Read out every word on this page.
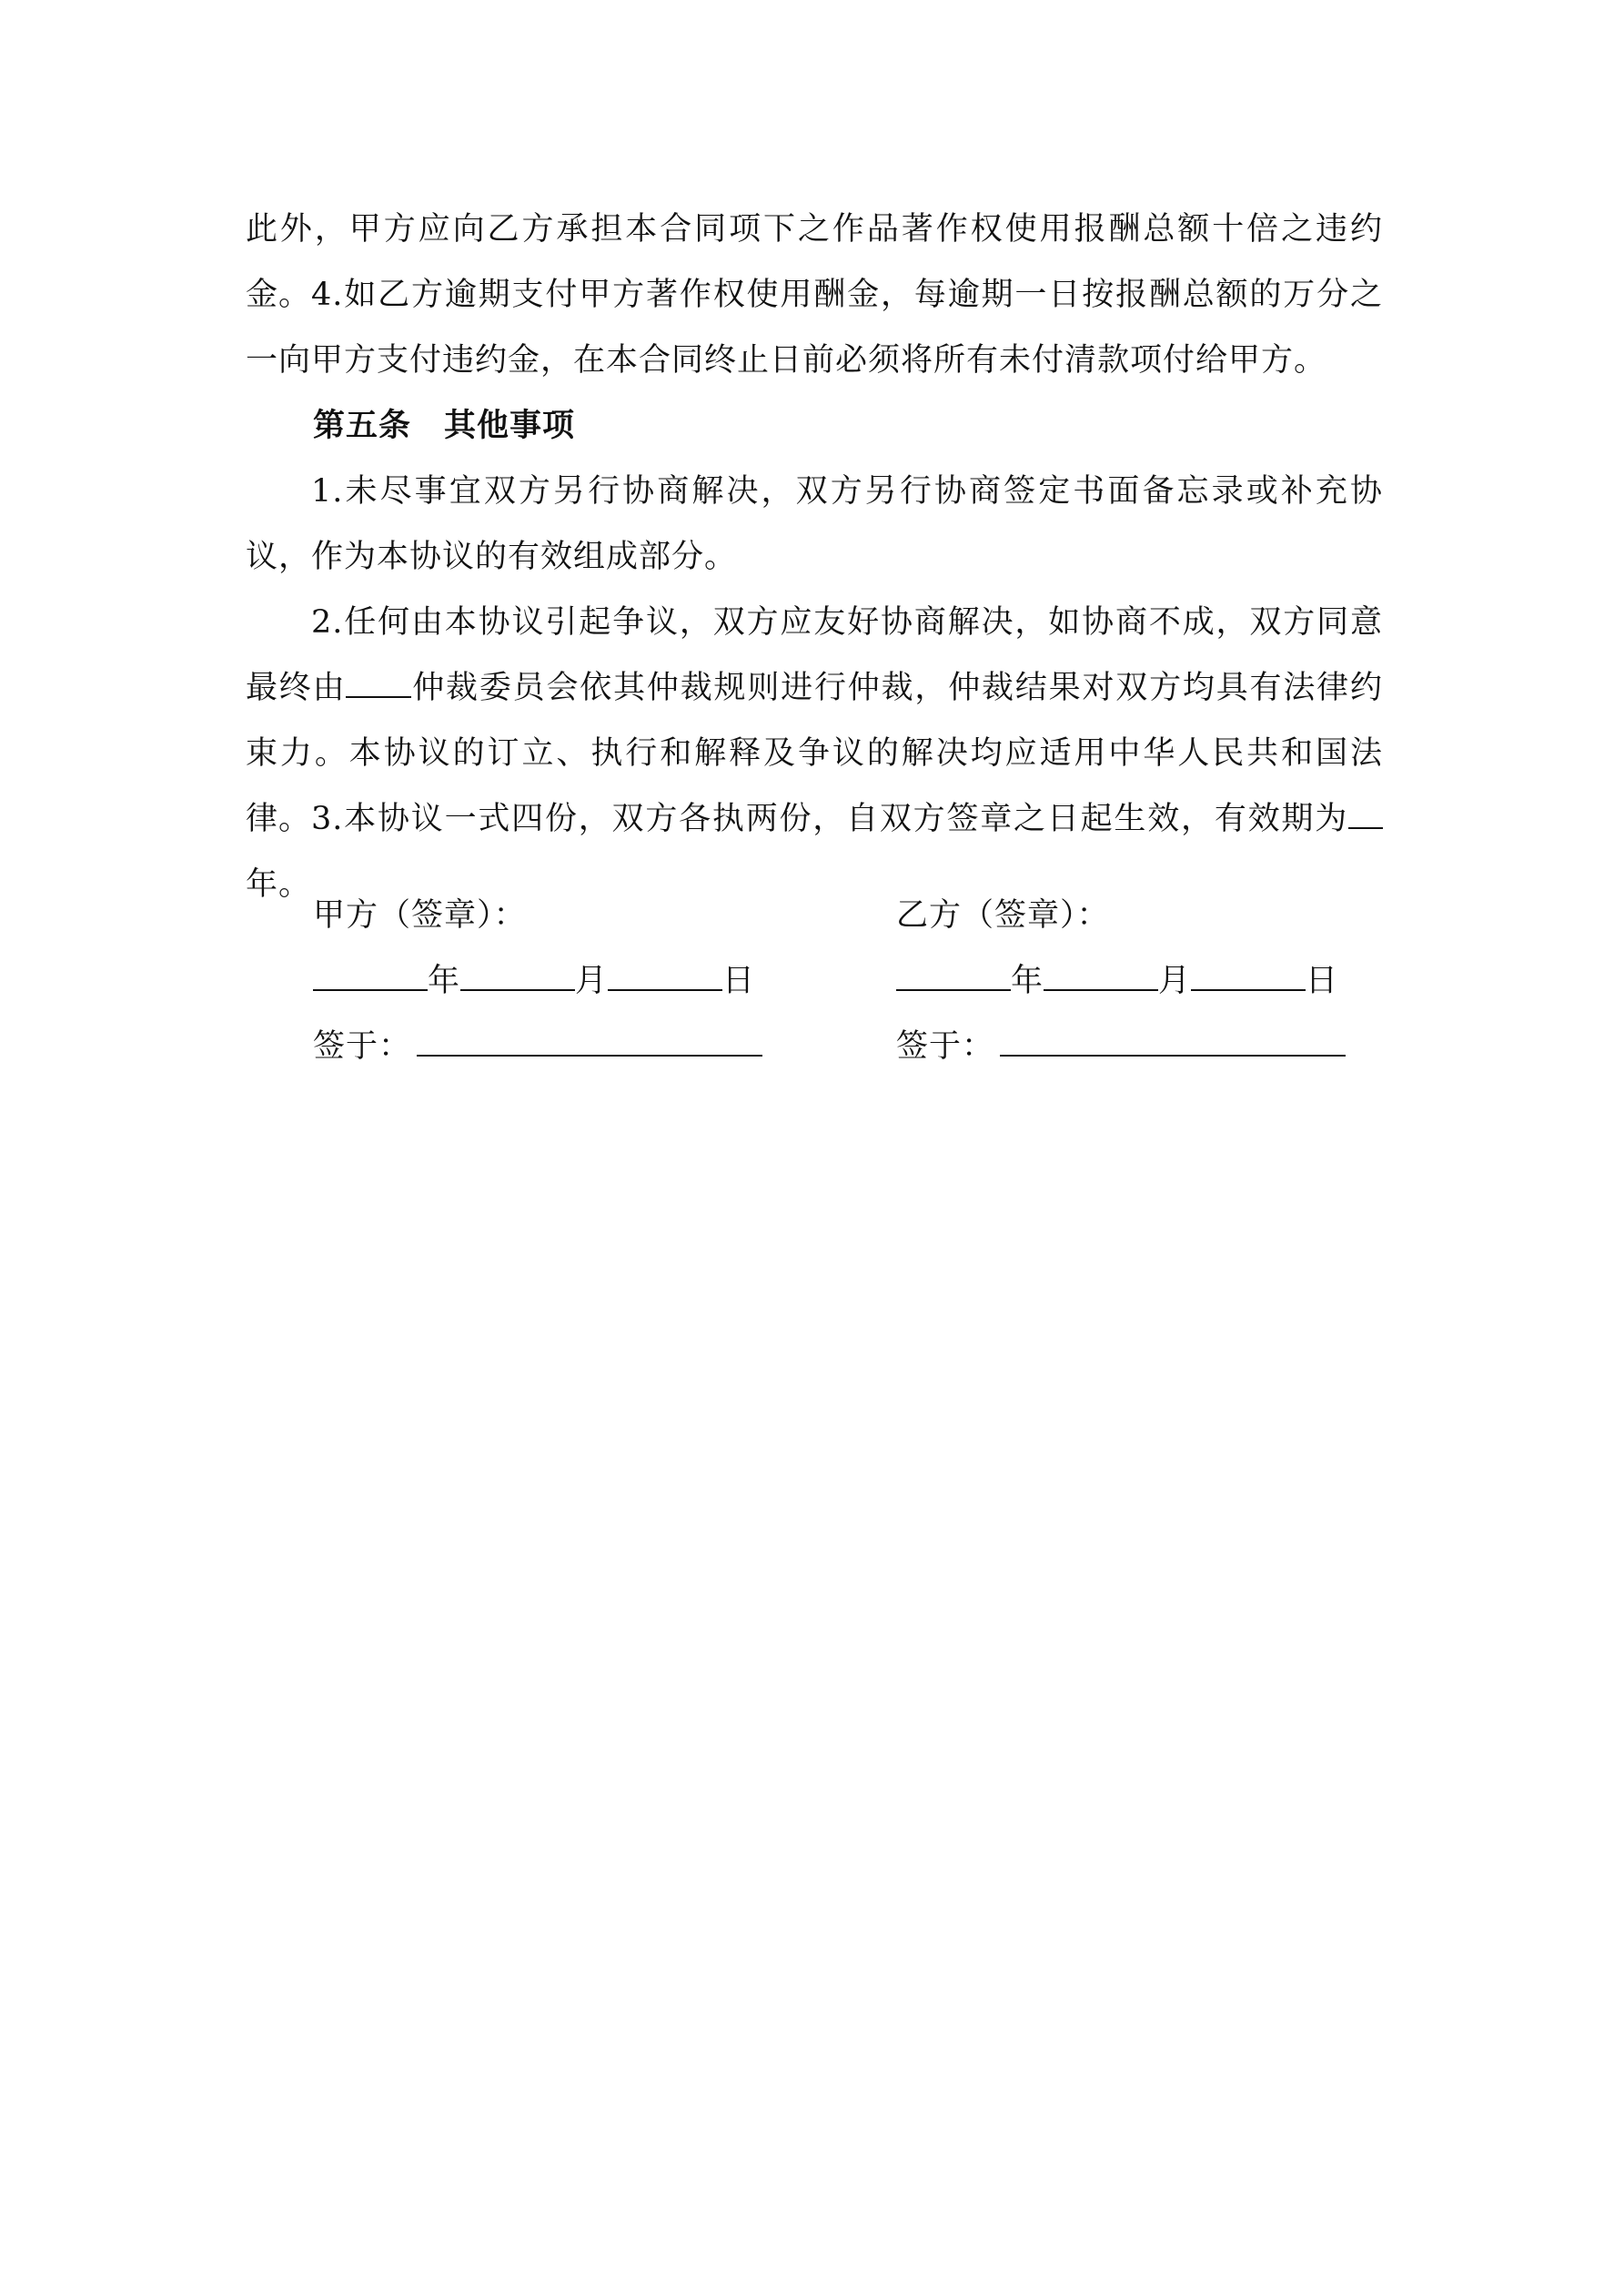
此外，甲方应向乙方承担本合同项下之作品著作权使用报酬总额十倍之违约金。 4.如乙方逾期支付甲方著作权使用酬金，每逾期一日按报酬总额的万分之一向甲方支付违约金，在本合同终止日前必须将所有未付清款项付给甲方。

第五条 其他事项

1.未尽事宜双方另行协商解决，双方另行协商签定书面备忘录或补充协议，作为本协议的有效组成部分。

2.任何由本协议引起争议，双方应友好协商解决，如协商不成，双方同意最终由 仲裁委员会依其仲裁规则进行仲裁，仲裁结果对双方均具有法律约束力。本协议的订立、执行和解释及争议的解决均应适用中华人民共和国法律。 3.本协议一式四份，双方各执两份，自双方签章之日起生效，有效期为年。

甲方（签章）：
年	月	日
签于：
乙方（签章）：
年	月	日
签于：
